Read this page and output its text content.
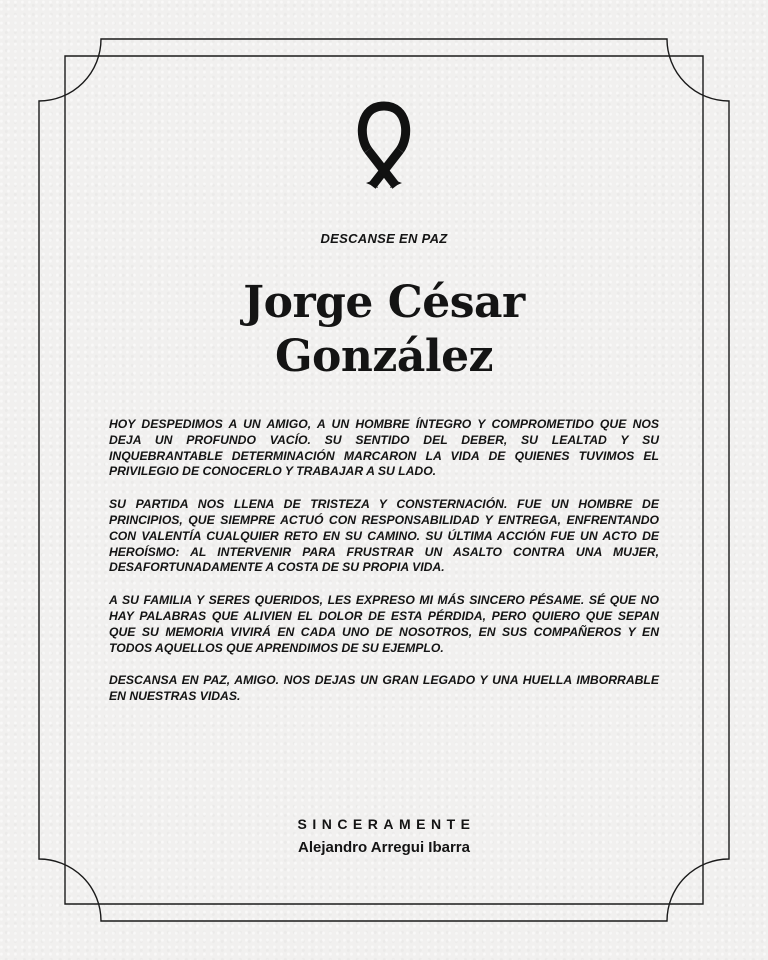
DESCANSE EN PAZ

Jorge César
González

HOY DESPEDIMOS A UN AMIGO, A UN HOMBRE ÍNTEGRO Y COMPROMETIDO QUE NOS DEJA UN PROFUNDO VACÍO. SU SENTIDO DEL DEBER, SU LEALTAD Y SU INQUEBRANTABLE DETERMINACIÓN MARCARON LA VIDA DE QUIENES TUVIMOS EL PRIVILEGIO DE CONOCERLO Y TRABAJAR A SU LADO.

SU PARTIDA NOS LLENA DE TRISTEZA Y CONSTERNACIÓN. FUE UN HOMBRE DE PRINCIPIOS, QUE SIEMPRE ACTUÓ CON RESPONSABILIDAD Y ENTREGA, ENFRENTANDO CON VALENTÍA CUALQUIER RETO EN SU CAMINO. SU ÚLTIMA ACCIÓN FUE UN ACTO DE HEROÍSMO: AL INTERVENIR PARA FRUSTRAR UN ASALTO CONTRA UNA MUJER, DESAFORTUNADAMENTE A COSTA DE SU PROPIA VIDA.

A SU FAMILIA Y SERES QUERIDOS, LES EXPRESO MI MÁS SINCERO PÉSAME. SÉ QUE NO HAY PALABRAS QUE ALIVIEN EL DOLOR DE ESTA PÉRDIDA, PERO QUIERO QUE SEPAN QUE SU MEMORIA VIVIRÁ EN CADA UNO DE NOSOTROS, EN SUS COMPAÑEROS Y EN TODOS AQUELLOS QUE APRENDIMOS DE SU EJEMPLO.

DESCANSA EN PAZ, AMIGO. NOS DEJAS UN GRAN LEGADO Y UNA HUELLA IMBORRABLE EN NUESTRAS VIDAS.

SINCERAMENTE

Alejandro Arregui Ibarra
